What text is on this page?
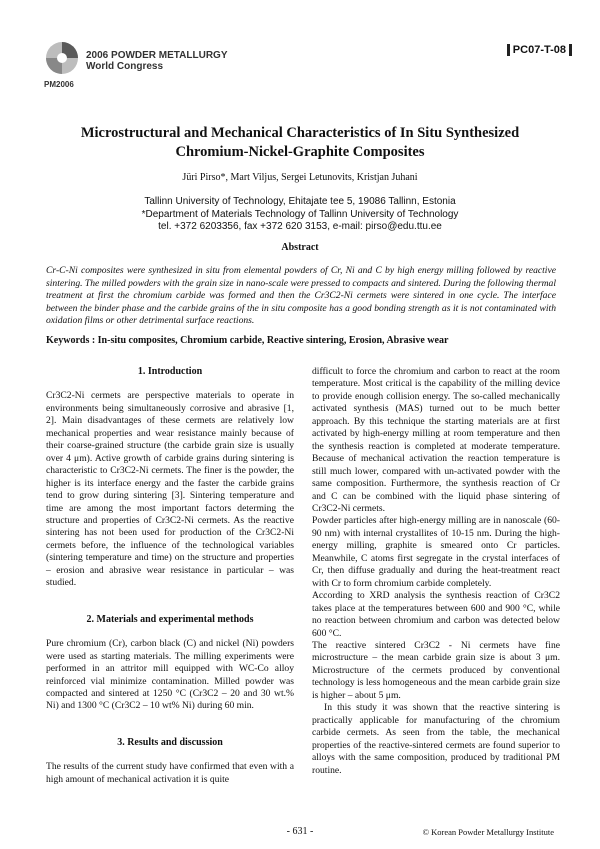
PM2006
2006 POWDER METALLURGY
World Congress
PC07-T-08
Microstructural and Mechanical Characteristics of In Situ Synthesized
Chromium-Nickel-Graphite Composites
Jüri Pirso*, Mart Viljus, Sergei Letunovits, Kristjan Juhani
Tallinn University of Technology, Ehitajate tee 5, 19086 Tallinn, Estonia
*Department of Materials Technology of Tallinn University of Technology
tel. +372 6203356, fax +372 620 3153, e-mail: pirso@edu.ttu.ee
Abstract
Cr-C-Ni composites were synthesized in situ from elemental powders of Cr, Ni and C by high energy milling followed by reactive sintering. The milled powders with the grain size in nano-scale were pressed to compacts and sintered. During the following thermal treatment at first the chromium carbide was formed and then the Cr3C2-Ni cermets were sintered in one cycle. The interface between the binder phase and the carbide grains of the in situ composite has a good bonding strength as it is not contaminated with oxidation films or other detrimental surface reactions.
Keywords : In-situ composites, Chromium carbide, Reactive sintering, Erosion, Abrasive wear
1. Introduction

Cr3C2-Ni cermets are perspective materials to operate in environments being simultaneously corrosive and abrasive [1, 2]. Main disadvantages of these cermets are relatively low mechanical properties and wear resistance mainly because of their coarse-grained structure (the carbide grain size is usually over 4 μm). Active growth of carbide grains during sintering is characteristic to Cr3C2-Ni cermets. The finer is the powder, the higher is its interface energy and the faster the carbide grains tend to grow during sintering [3]. Sintering temperature and time are among the most important factors determing the structure and properties of Cr3C2-Ni cermets. As the reactive sintering has not been used for production of the Cr3C2-Ni cermets before, the influence of the technological variables (sintering temperature and time) on the structure and properties – erosion and abrasive wear resistance in particular – was studied.

2. Materials and experimental methods

Pure chromium (Cr), carbon black (C) and nickel (Ni) powders were used as starting materials. The milling experiments were performed in an attritor mill equipped with WC-Co alloy reinforced vial minimize contamination. Milled powder was compacted and sintered at 1250 °C (Cr3C2 – 20 and 30 wt.% Ni) and 1300 °C (Cr3C2 – 10 wt% Ni) during 60 min.

3. Results and discussion

The results of the current study have confirmed that even with a high amount of mechanical activation it is quite

difficult to force the chromium and carbon to react at the room temperature. Most critical is the capability of the milling device to provide enough collision energy. The so-called mechanically activated synthesis (MAS) turned out to be much better approach. By this technique the starting materials are at first activated by high-energy milling at room temperature and then the synthesis reaction is completed at moderate temperature. Because of mechanical activation the reaction temperature is still much lower, compared with un-activated powder with the same composition. Furthermore, the synthesis reaction of Cr and C can be combined with the liquid phase sintering of Cr3C2-Ni cermets.

Powder particles after high-energy milling are in nanoscale (60-90 nm) with internal crystallites of 10-15 nm. During the high-energy milling, graphite is smeared onto Cr particles. Meanwhile, C atoms first segregate in the crystal interfaces of Cr, then diffuse gradually and during the heat-treatment react with Cr to form chromium carbide completely.

According to XRD analysis the synthesis reaction of Cr3C2 takes place at the temperatures between 600 and 900 °C, while no reaction between chromium and carbon was detected below 600 °C.

The reactive sintered Cr3C2 - Ni cermets have fine microstructure – the mean carbide grain size is about 3 μm. Microstructure of the cermets produced by conventional technology is less homogeneous and the mean carbide grain size is higher – about 5 μm.

In this study it was shown that the reactive sintering is practically applicable for manufacturing of the chromium carbide cermets. As seen from the table, the mechanical properties of the reactive-sintered cermets are found superior to alloys with the same composition, produced by traditional PM routine.

- 631 -	© Korean Powder Metallurgy Institute
